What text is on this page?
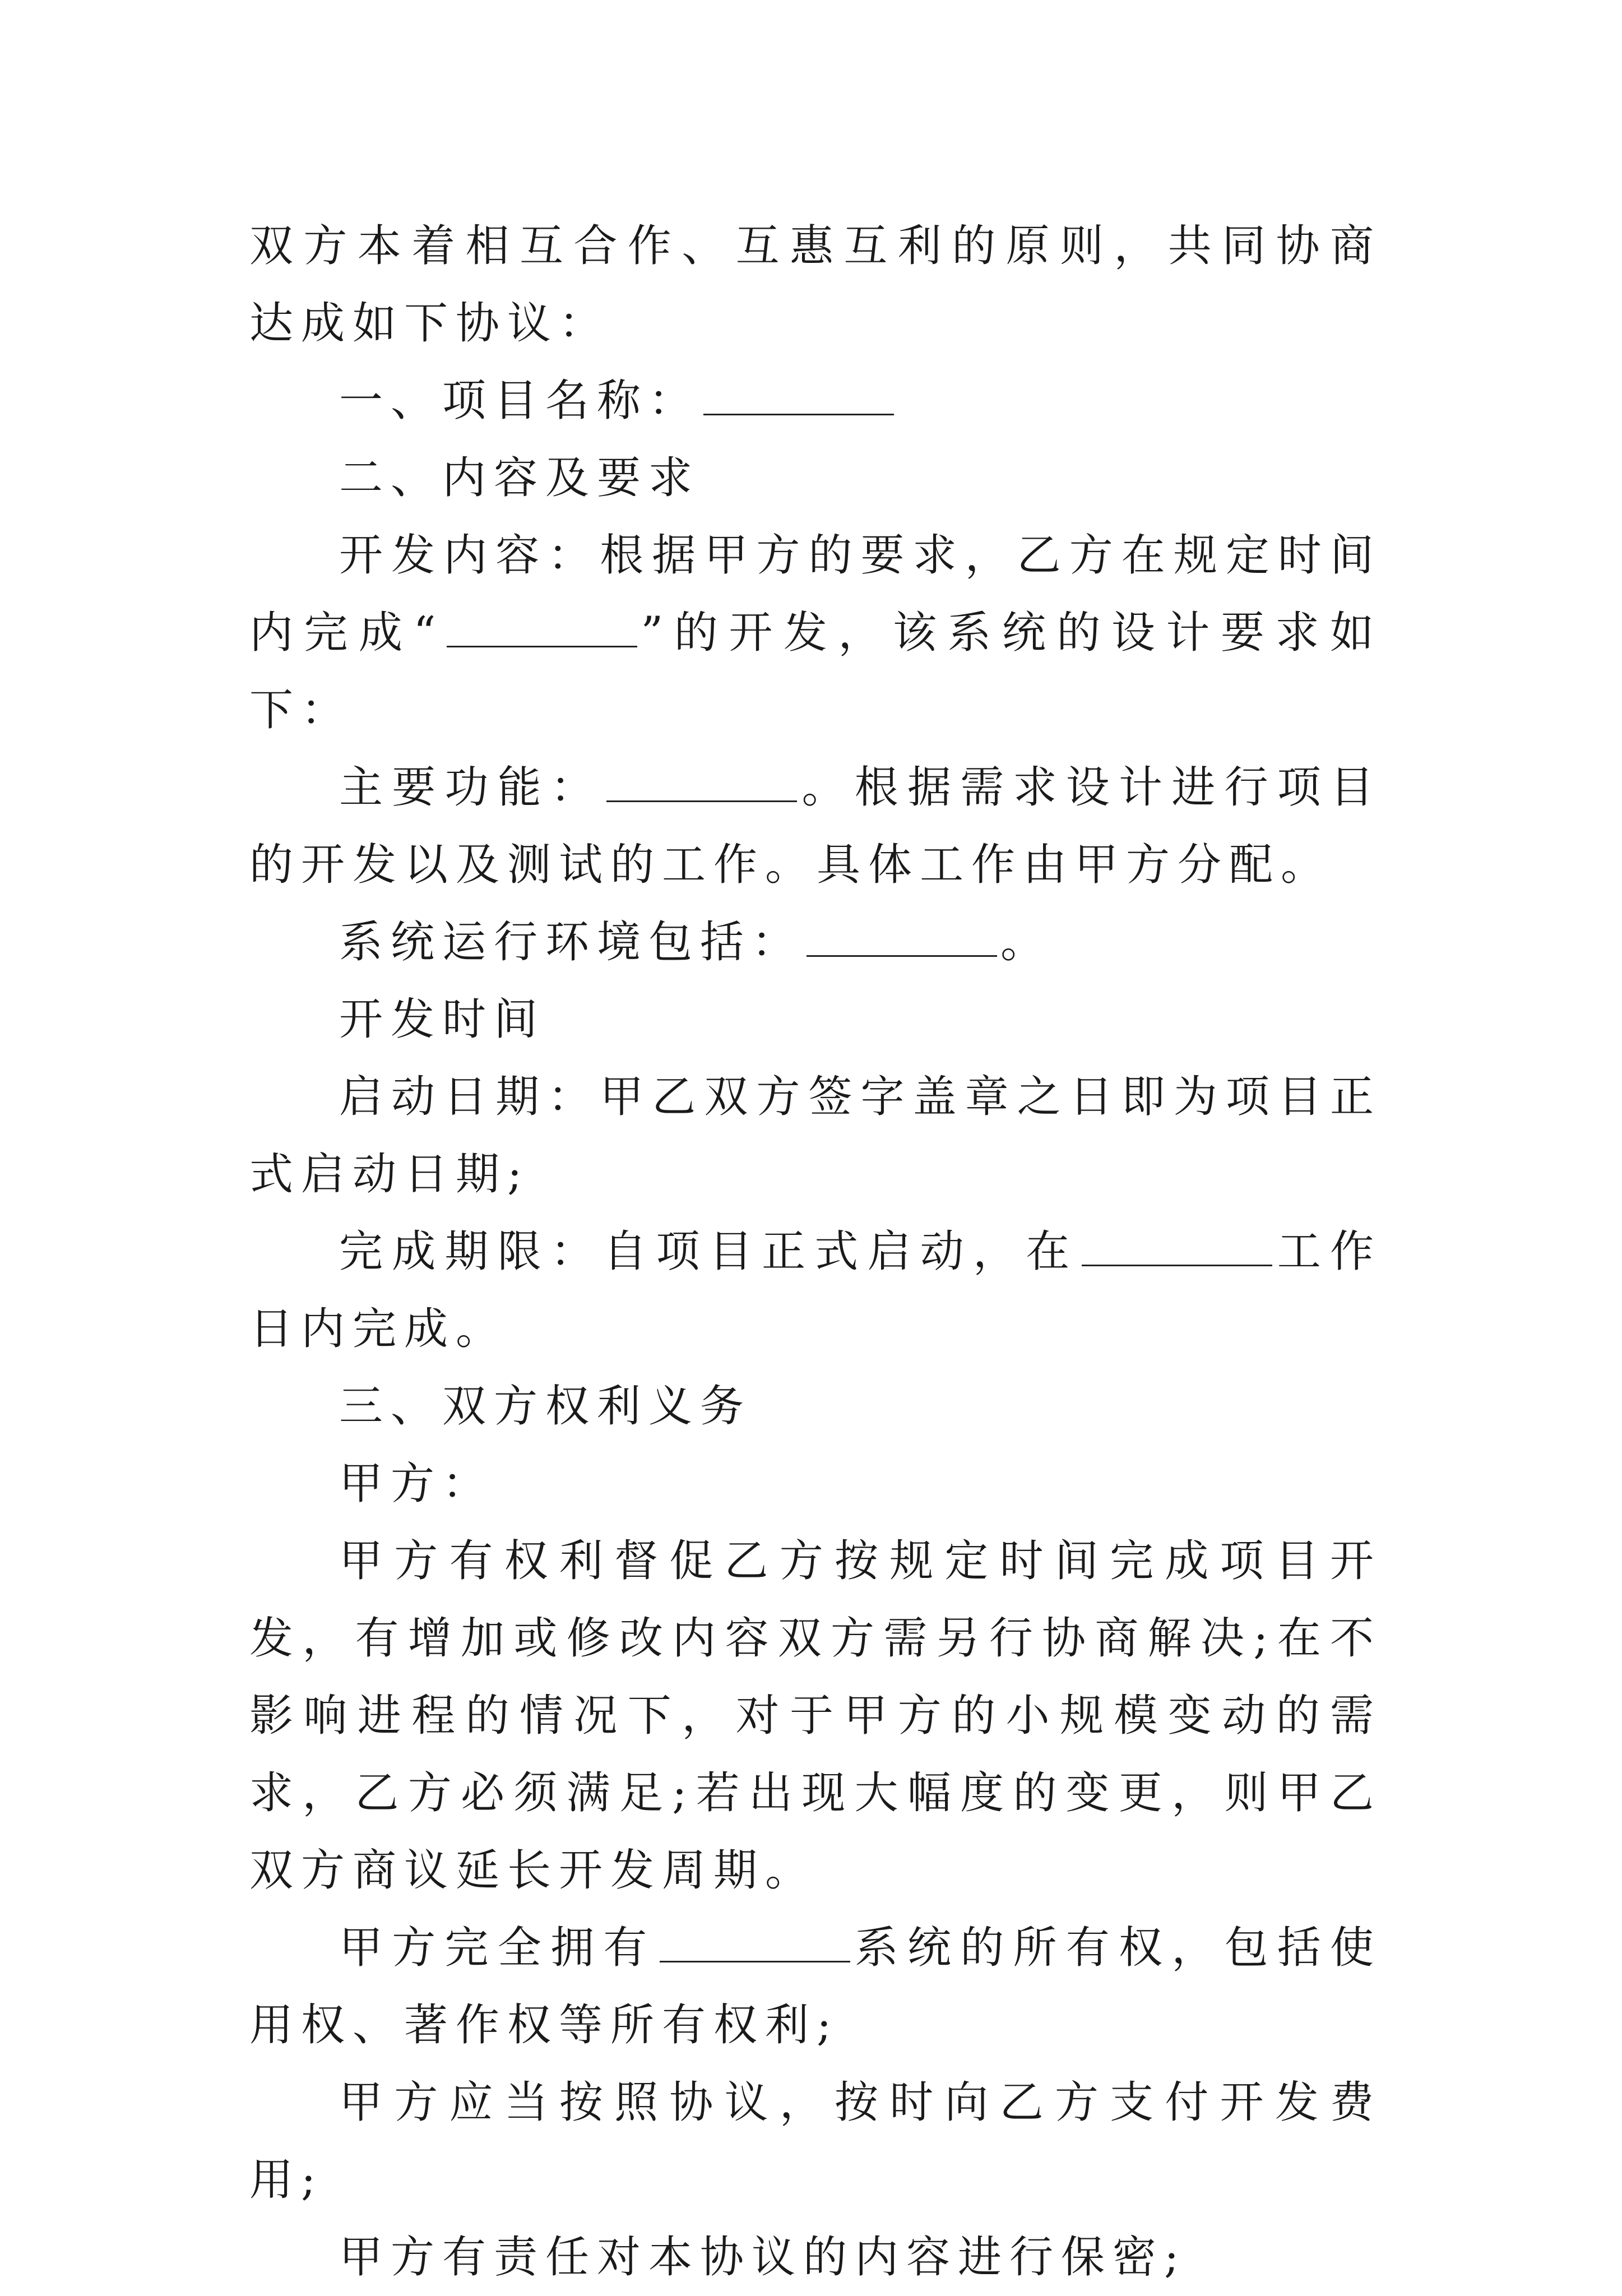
双方本着相互合作、互惠互利的原则，共同协商达成如下协议：

一、项目名称：

二、内容及要求

开发内容：根据甲方的要求，乙方在规定时间内完成“	”的开发，该系统的设计要求如下：

主要功能：	。根据需求设计进行项目的开发以及测试的工作。具体工作由甲方分配。

系统运行环境包括：	。

开发时间

启动日期：甲乙双方签字盖章之日即为项目正式启动日期;

完成期限：自项目正式启动，在	工作日内完成。

三、双方权利义务

甲方：

甲方有权利督促乙方按规定时间完成项目开发，有增加或修改内容双方需另行协商解决;在不影响进程的情况下，对于甲方的小规模变动的需求，乙方必须满足;若出现大幅度的变更，则甲乙双方商议延长开发周期。

甲方完全拥有	系统的所有权，包括使用权、著作权等所有权利;

甲方应当按照协议，按时向乙方支付开发费用;

甲方有责任对本协议的内容进行保密;
